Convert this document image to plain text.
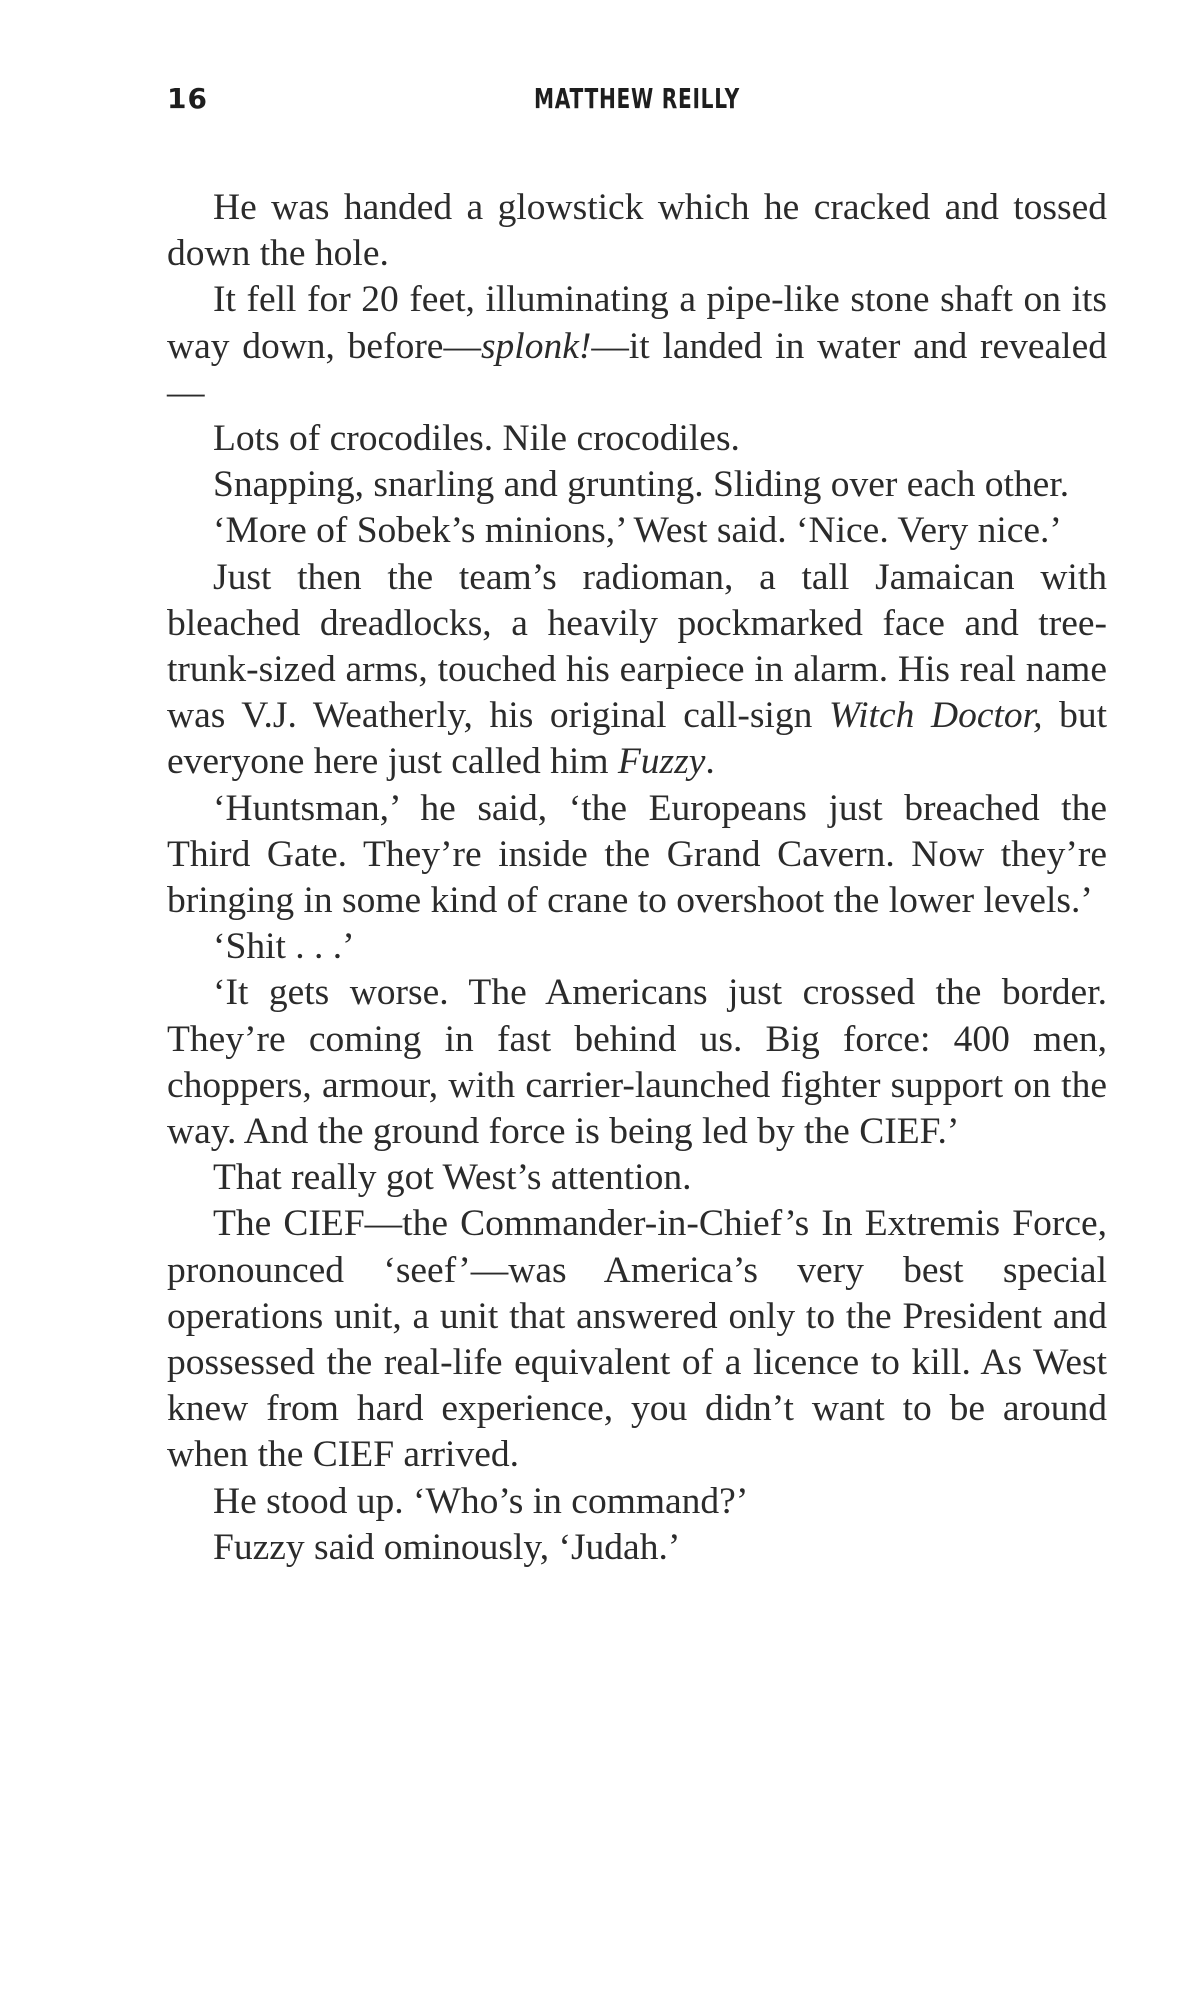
16	MATTHEW REILLY

He was handed a glowstick which he cracked and tossed down the hole.

It fell for 20 feet, illuminating a pipe-like stone shaft on its way down, before—splonk!—it landed in water and revealed—

Lots of crocodiles. Nile crocodiles.

Snapping, snarling and grunting. Sliding over each other.

‘More of Sobek’s minions,’ West said. ‘Nice. Very nice.’

Just then the team’s radioman, a tall Jamaican with bleached dreadlocks, a heavily pockmarked face and tree-trunk-sized arms, touched his earpiece in alarm. His real name was V.J. Weatherly, his original call-sign Witch Doctor, but everyone here just called him Fuzzy.

‘Huntsman,’ he said, ‘the Europeans just breached the Third Gate. They’re inside the Grand Cavern. Now they’re bringing in some kind of crane to overshoot the lower levels.’

‘Shit . . .’

‘It gets worse. The Americans just crossed the border. They’re coming in fast behind us. Big force: 400 men, choppers, armour, with carrier-launched fighter support on the way. And the ground force is being led by the CIEF.’

That really got West’s attention.

The CIEF—the Commander-in-Chief’s In Extremis Force, pronounced ‘seef’—was America’s very best special operations unit, a unit that answered only to the President and possessed the real-life equivalent of a licence to kill. As West knew from hard experience, you didn’t want to be around when the CIEF arrived.

He stood up. ‘Who’s in command?’

Fuzzy said ominously, ‘Judah.’
